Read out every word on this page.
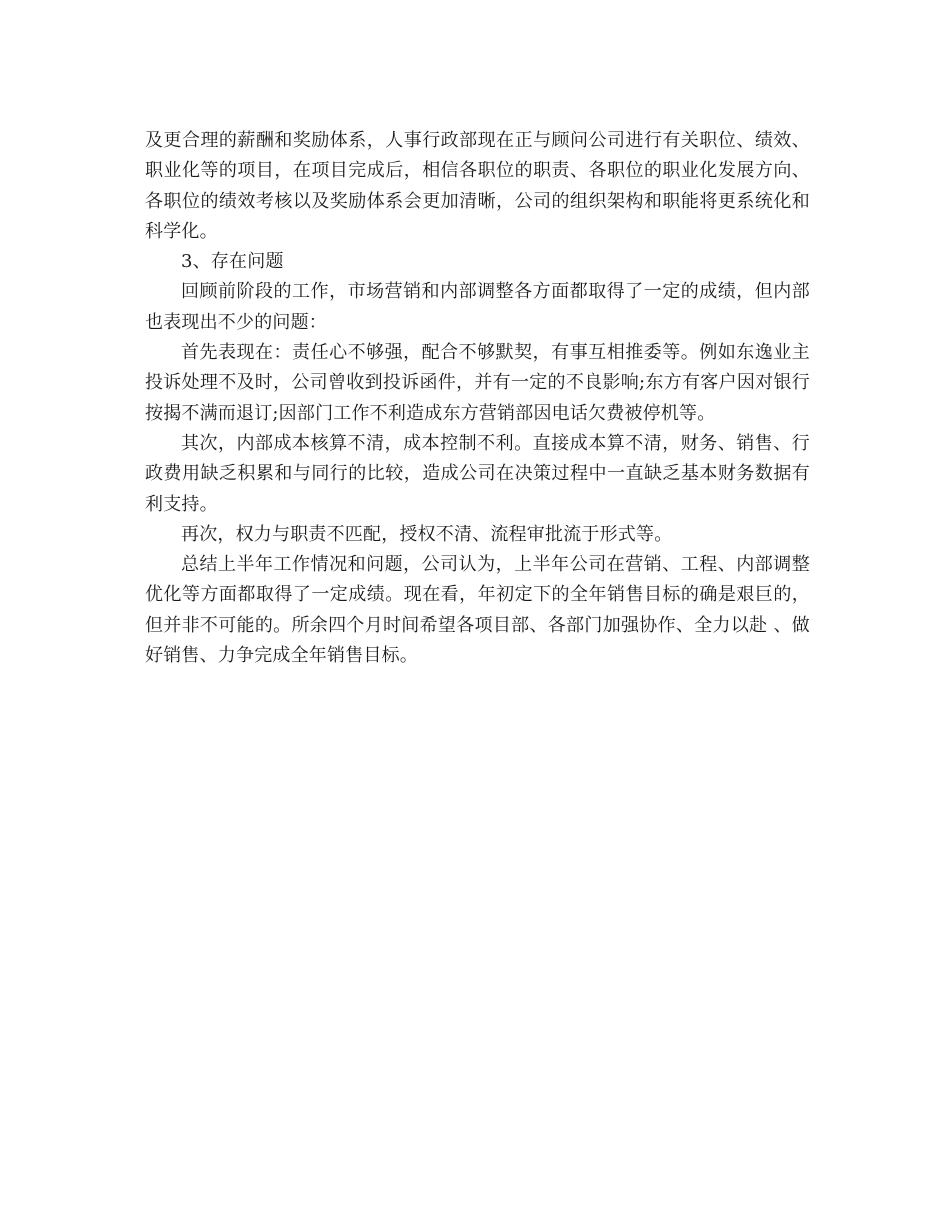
及更合理的薪酬和奖励体系，人事行政部现在正与顾问公司进行有关职位、绩效、职业化等的项目，在项目完成后，相信各职位的职责、各职位的职业化发展方向、各职位的绩效考核以及奖励体系会更加清晰，公司的组织架构和职能将更系统化和科学化。

3、存在问题

回顾前阶段的工作，市场营销和内部调整各方面都取得了一定的成绩，但内部也表现出不少的问题：

首先表现在：责任心不够强，配合不够默契，有事互相推委等。例如东逸业主投诉处理不及时，公司曾收到投诉函件，并有一定的不良影响;东方有客户因对银行按揭不满而退订;因部门工作不利造成东方营销部因电话欠费被停机等。

其次，内部成本核算不清，成本控制不利。直接成本算不清，财务、销售、行政费用缺乏积累和与同行的比较，造成公司在决策过程中一直缺乏基本财务数据有利支持。

再次，权力与职责不匹配，授权不清、流程审批流于形式等。

总结上半年工作情况和问题，公司认为，上半年公司在营销、工程、内部调整优化等方面都取得了一定成绩。现在看，年初定下的全年销售目标的确是艰巨的，但并非不可能的。所余四个月时间希望各项目部、各部门加强协作、全力以赴 、做好销售、力争完成全年销售目标。
